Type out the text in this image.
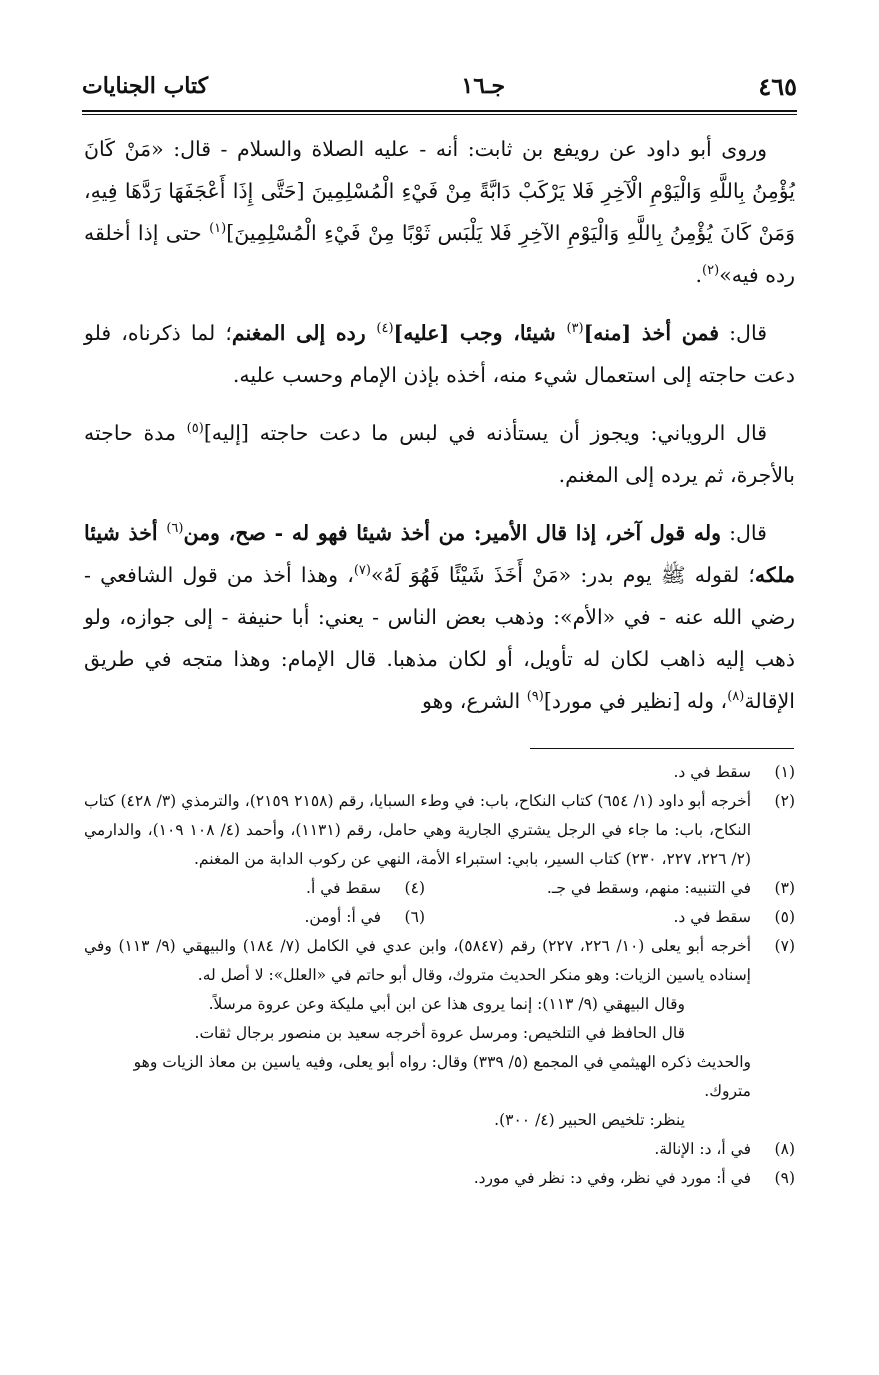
٤٦٥
جـ١٦
كتاب الجنايات

وروى أبو داود عن رويفع بن ثابت: أنه - عليه الصلاة والسلام - قال: «مَنْ كَانَ يُؤْمِنُ بِاللَّهِ وَالْيَوْمِ الْآخِرِ فَلا يَرْكَبْ دَابَّةً مِنْ فَيْءِ الْمُسْلِمِينَ [حَتَّى إِذَا أَعْجَفَهَا رَدَّهَا فِيهِ، وَمَنْ كَانَ يُؤْمِنُ بِاللَّهِ وَالْيَوْمِ الآخِرِ فَلا يَلْبَس ثَوْبًا مِنْ فَيْءِ الْمُسْلِمِينَ]$^{(١)}$ حتى إذا أخلقه رده فيه»$^{(٢)}$.

قال: فمن أخذ [منه]$^{(٣)}$ شيئا، وجب [عليه]$^{(٤)}$ رده إلى المغنم؛ لما ذكرناه، فلو دعت حاجته إلى استعمال شيء منه، أخذه بإذن الإمام وحسب عليه.

قال الروياني: ويجوز أن يستأذنه في لبس ما دعت حاجته [إليه]$^{(٥)}$ مدة حاجته بالأجرة، ثم يرده إلى المغنم.

قال: وله قول آخر، إذا قال الأمير: من أخذ شيئا فهو له - صح، ومن$^{(٦)}$ أخذ شيئا ملكه؛ لقوله ﷺ يوم بدر: «مَنْ أَخَذَ شَيْئًا فَهُوَ لَهُ»$^{(٧)}$، وهذا أخذ من قول الشافعي - رضي الله عنه - في «الأم»: وذهب بعض الناس - يعني: أبا حنيفة - إلى جوازه، ولو ذهب إليه ذاهب لكان له تأويل، أو لكان مذهبا. قال الإمام: وهذا متجه في طريق الإقالة$^{(٨)}$، وله [نظير في مورد]$^{(٩)}$ الشرع، وهو

(١)
سقط في د.
(٢)
أخرجه أبو داود (١/ ٦٥٤) كتاب النكاح، باب: في وطء السبايا، رقم (٢١٥٨ ٢١٥٩)، والترمذي (٣/ ٤٢٨) كتاب النكاح، باب: ما جاء في الرجل يشتري الجارية وهي حامل، رقم (١١٣١)، وأحمد (٤/ ١٠٨ ١٠٩)، والدارمي (٢/ ٢٢٦، ٢٢٧، ٢٣٠) كتاب السير، بابي: استبراء الأمة، النهي عن ركوب الدابة من المغنم.
(٣)
في التنبيه: منهم، وسقط في جـ.
(٤)
سقط في أ.
(٥)
سقط في د.
(٦)
في أ: أومن.
(٧)
أخرجه أبو يعلى (١٠/ ٢٢٦، ٢٢٧) رقم (٥٨٤٧)، وابن عدي في الكامل (٧/ ١٨٤) والبيهقي (٩/ ١١٣) وفي إسناده ياسين الزيات: وهو منكر الحديث متروك، وقال أبو حاتم في «العلل»: لا أصل له.
وقال البيهقي (٩/ ١١٣): إنما يروى هذا عن ابن أبي مليكة وعن عروة مرسلاً.
قال الحافظ في التلخيص: ومرسل عروة أخرجه سعيد بن منصور برجال ثقات.
والحديث ذكره الهيثمي في المجمع (٥/ ٣٣٩) وقال: رواه أبو يعلى، وفيه ياسين بن معاذ الزيات وهو متروك.
ينظر: تلخيص الحبير (٤/ ٣٠٠).
(٨)
في أ، د: الإنالة.
(٩)
في أ: مورد في نظر، وفي د: نظر في مورد.
